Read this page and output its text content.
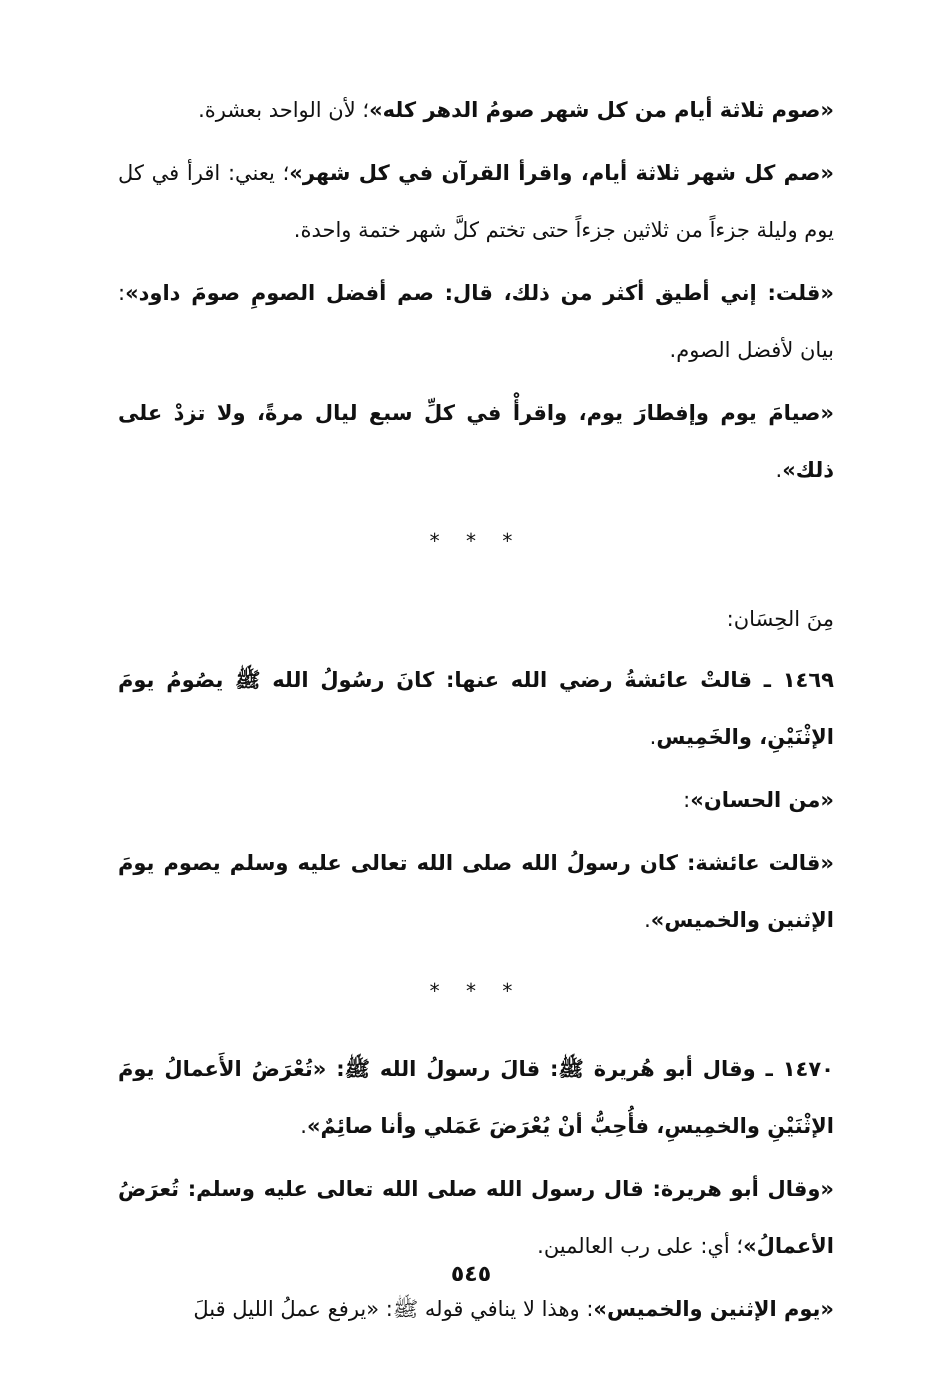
«صوم ثلاثة أيام من كل شهر صومُ الدهر كله»؛ لأن الواحد بعشرة.

«صم كل شهر ثلاثة أيام، واقرأ القرآن في كل شهر»؛ يعني: اقرأ في كل يوم وليلة جزءاً من ثلاثين جزءاً حتى تختم كلَّ شهر ختمة واحدة.

«قلت: إني أطيق أكثر من ذلك، قال: صم أفضل الصومِ صومَ داود»: بيان لأفضل الصوم.

«صيامَ يوم وإفطارَ يوم، واقرأْ في كلِّ سبع ليال مرةً، ولا تزدْ على ذلك».

* * *

مِنَ الحِسَان:

١٤٦٩ ـ قالتْ عائشةُ رضي الله عنها: كانَ رسُولُ الله ﷺ يصُومُ يومَ الإثْنَيْنِ، والخَمِيس.

«من الحسان»:

«قالت عائشة: كان رسولُ الله صلى الله تعالى عليه وسلم يصوم يومَ الإثنين والخميس».

* * *

١٤٧٠ ـ وقال أبو هُريرة ﷺ: قالَ رسولُ الله ﷺ: «تُعْرَضُ الأَعمالُ يومَ الإثْنَيْنِ والخمِيسِ، فأُحِبُّ أنْ يُعْرَضَ عَمَلي وأنا صائِمٌ».

«وقال أبو هريرة: قال رسول الله صلى الله تعالى عليه وسلم: تُعرَضُ الأعمالُ»؛ أي: على رب العالمين.

«يوم الإثنين والخميس»: وهذا لا ينافي قوله ﷺ: «يرفع عملُ الليل قبلَ

٥٤٥
